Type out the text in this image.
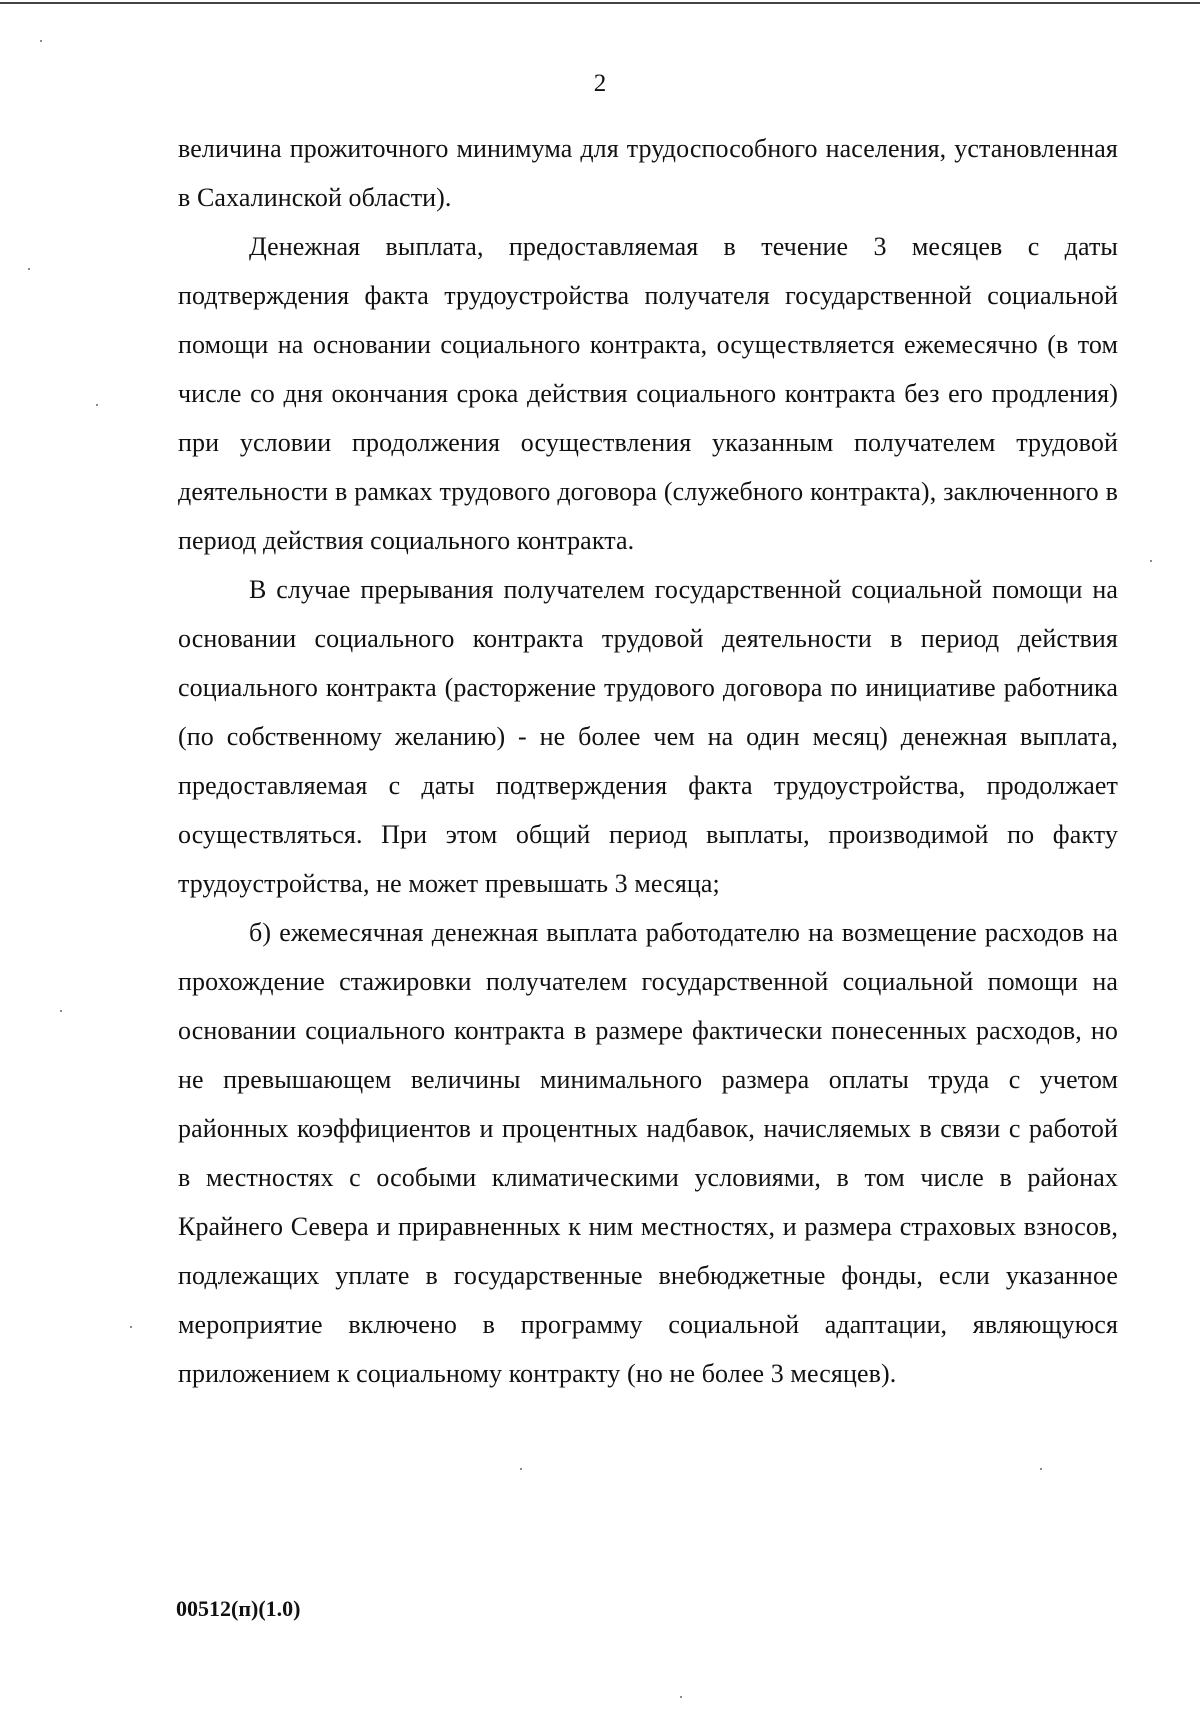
2

величина прожиточного минимума для трудоспособного населения, установленная в Сахалинской области).

Денежная выплата, предоставляемая в течение 3 месяцев с даты подтверждения факта трудоустройства получателя государственной социальной помощи на основании социального контракта, осуществляется ежемесячно (в том числе со дня окончания срока действия социального контракта без его продления) при условии продолжения осуществления указанным получателем трудовой деятельности в рамках трудового договора (служебного контракта), заключенного в период действия социального контракта.

В случае прерывания получателем государственной социальной помощи на основании социального контракта трудовой деятельности в период действия социального контракта (расторжение трудового договора по инициативе работника (по собственному желанию) - не более чем на один месяц) денежная выплата, предоставляемая с даты подтверждения факта трудоустройства, продолжает осуществляться. При этом общий период выплаты, производимой по факту трудоустройства, не может превышать 3 месяца;

б) ежемесячная денежная выплата работодателю на возмещение расходов на прохождение стажировки получателем государственной социальной помощи на основании социального контракта в размере фактически понесенных расходов, но не превышающем величины минимального размера оплаты труда с учетом районных коэффициентов и процентных надбавок, начисляемых в связи с работой в местностях с особыми климатическими условиями, в том числе в районах Крайнего Севера и приравненных к ним местностях, и размера страховых взносов, подлежащих уплате в государственные внебюджетные фонды, если указанное мероприятие включено в программу социальной адаптации, являющуюся приложением к социальному контракту (но не более 3 месяцев).

00512(п)(1.0)
